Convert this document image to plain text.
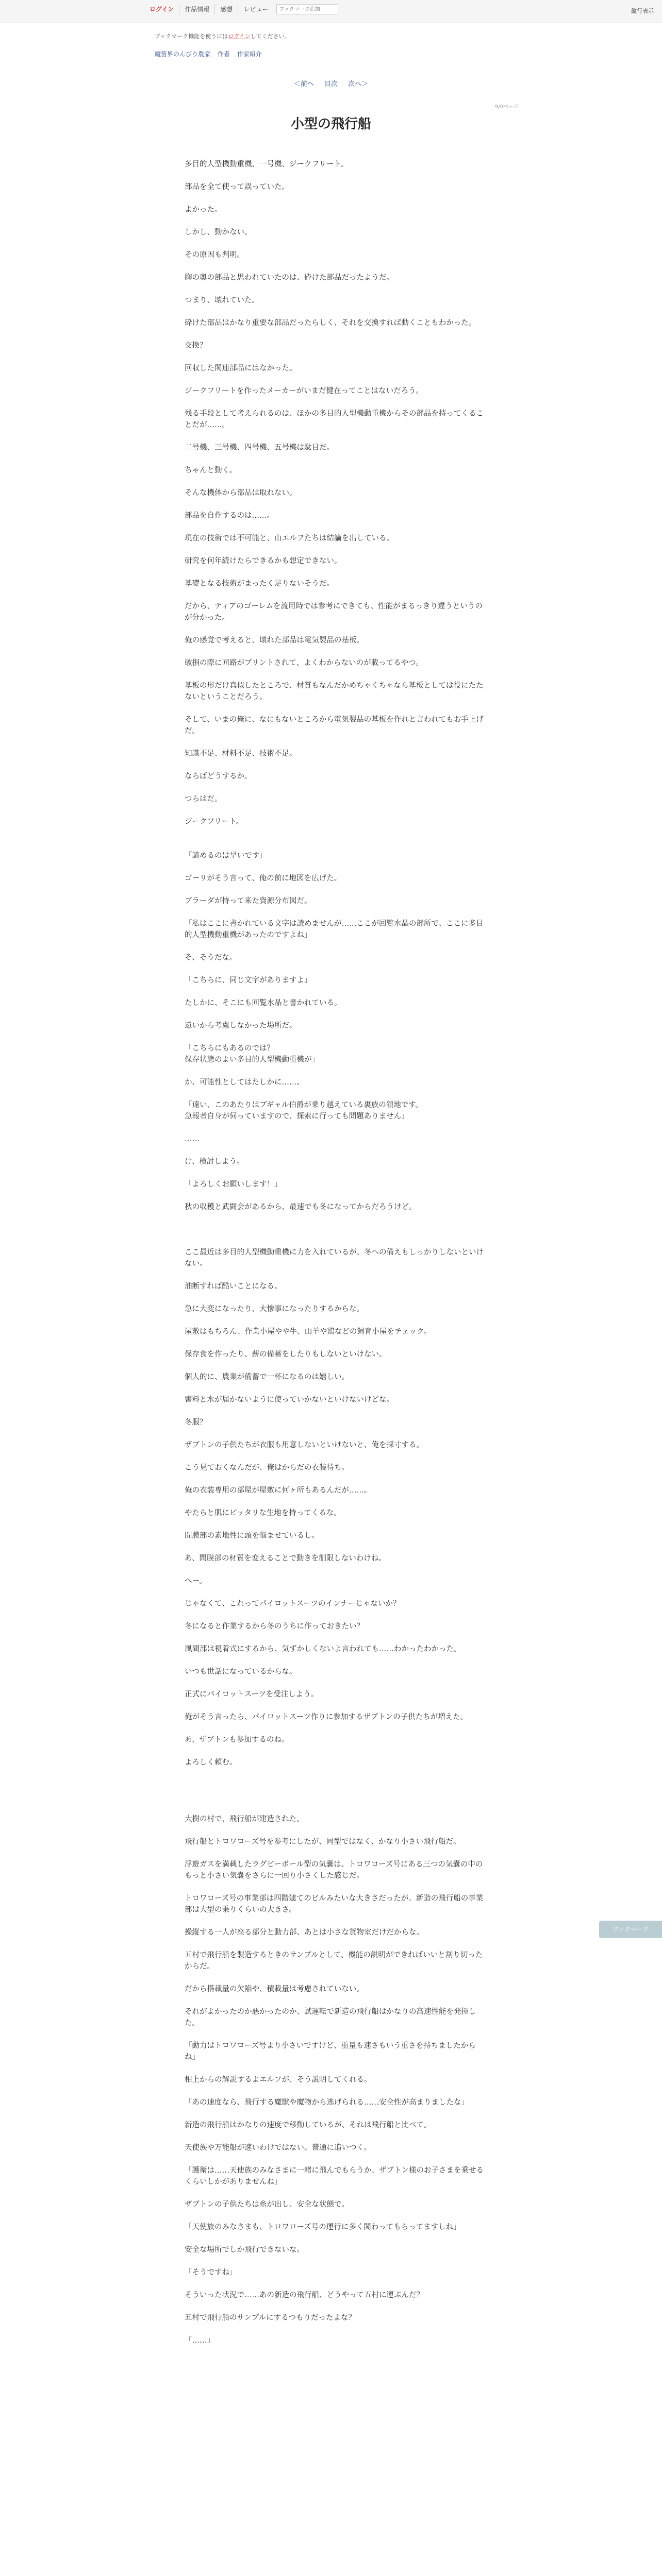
ログイン	作品情報	感想	レビュー
ブックマーク追加	縦行表示
ブックマーク機能を使うにはログインしてください。
魔笛界のんびり農家 作者 作家紹介
＜前へ 目次 次へ＞
9/0ページ
小型の飛行船

多目的人型機動重機、一号機、ジークフリート。

部品を全て使って誤っていた。

よかった。

しかし、動かない。

その原因も判明。

胸の奥の部品と思われていたのは、砕けた部品だったようだ。

つまり、壊れていた。

砕けた部品はかなり重要な部品だったらしく、それを交換すれば動くこともわかった。

交換？

回収した関連部品にはなかった。

ジークフリートを作ったメーカーがいまだ健在ってことはないだろう。

残る手段として考えられるのは、ほかの多目的人型機動重機からその部品を持ってくることだが……。

二号機、三号機、四号機、五号機は駄目だ。

ちゃんと動く。

そんな機体から部品は取れない。

部品を自作するのは……。

現在の技術では不可能と、山エルフたちは結論を出している。

研究を何年続けたらできるかも想定できない。

基礎となる技術がまったく足りないそうだ。

だから、ティアのゴーレムを流用時では参考にできても、性能がまるっきり違うというのが分かった。

俺の感覚で考えると、壊れた部品は電気製品の基板。

破損の際に回路がプリントされて、よくわからないのが載ってるやつ。

基板の形だけ真似したところで、材質もなんだかめちゃくちゃなら基板としては役にたたないということだろう。

そして、いまの俺に、なにもないところから電気製品の基板を作れと言われてもお手上げだ。

知識不足、材料不足、技術不足。

ならばどうするか。

つらはだ。

ジークフリート。

「諦めるのは早いです」

ゴーリがそう言って、俺の前に地図を広げた。

ブラーダが持って来た資源分布図だ。

「私はここに書かれている文字は読めませんが……ここが回覧水晶の部所で、ここに多目的人型機動重機があったのですよね」

そ、そうだな。

「こちらに、同じ文字がありますよ」

たしかに、そこにも回覧水晶と書かれている。

遠いから考慮しなかった場所だ。

「こちらにもあるのでは？
保存状態のよい多目的人型機動重機が」

か、可能性としてはたしかに……。

「遠い、このあたりはブギャル伯爵が乗り越えている裏族の領地です。
急報者自身が伺っていますので、探索に行っても問題ありません」

……

け、検討しよう。

「よろしくお願いします！」

秋の収穫と武闘会があるから、最速でも冬になってからだろうけど。

ここ最近は多目的人型機動重機に力を入れているが、冬への備えもしっかりしないといけない。

油断すれば酷いことになる。

急に大変になったり、大惨事になったりするからな。

屋敷はもちろん、作業小屋やや牛、山羊や鶏などの飼育小屋をチェック。

保存食を作ったり、薪の備蓄をしたりもしないといけない。

個人的に、農業が備蓄で一杯になるのは嬉しい。

害料と水が届かないように使っていかないといけないけどな。

冬服？

ザブトンの子供たちが衣服も用意しないといけないと、俺を採寸する。

こう見ておくなんだが、俺はからだの衣装待ち。

俺の衣装専用の部屋が屋敷に何ヶ所もあるんだが……。

やたらと肌にピッタリな生地を持ってくるな。

間膜部の素地性に頭を悩ませているし。

あ、間膜部の材質を変えることで動きを制限しないわけね。

へー。

じゃなくて、これってパイロットスーツのインナーじゃないか？

冬になると作業するから冬のうちに作っておきたい？

風間部は視着式にするから、気ずかしくないよ言われても……わかったわかった。

いつも世話になっているからな。

正式にパイロットスーツを受注しよう。

俺がそう言ったら、パイロットスーツ作りに参加するザブトンの子供たちが増えた。

あ、ザブトンも参加するのね。

よろしく頼む。

大樹の村で、飛行船が建造された。

飛行船とトロワローズ号を参考にしたが、同型ではなく、かなり小さい飛行船だ。

浮遊ガスを満載したラグビーボール型の気嚢は、トロワローズ号にある三つの気嚢の中のもっと小さい気嚢をさらに一回り小さくした感じだ。

トロワローズ号の事業部は四階建てのビルみたいな大きさだったが、新造の飛行船の事業部は大型の乗りくらいの大きさ。

操縦する一人が座る部分と動力部、あとは小さな貨物室だけだからな。

五村で飛行船を製造するときのサンプルとして、機能の説明ができればいいと割り切ったからだ。

だから搭載量の欠陥や、積載量は考慮されていない。

それがよかったのか悪かったのか、試運転で新造の飛行船はかなりの高速性能を発揮した。

「動力はトロワローズ号より小さいですけど、重量も速さもいう重さを持ちましたからね」

相上からの解説するよエルフが、そう説明してくれる。

「あの速度なら、飛行する魔獣や魔物から逃げられる……安全性が高まりましたな」

新造の飛行船はかなりの速度で移動しているが、それは飛行船と比べて。

天使族や万能船が速いわけではない。普通に追いつく。

「護衛は……天使族のみなさまに一緒に飛んでもらうか、ザブトン様のお子さまを乗せるくらいしかがありませんね」

ザブトンの子供たちは糸が出し、安全な状態で。

「天使族のみなさまも、トロワローズ号の運行に多く関わってもらってますしね」

安全な場所でしか飛行できないな。

「そうですね」

そういった状況で……あの新造の飛行船、どうやって五村に運ぶんだ？

五村で飛行船のサンプルにするつもりだったよな？

「……」

ブックマーク
